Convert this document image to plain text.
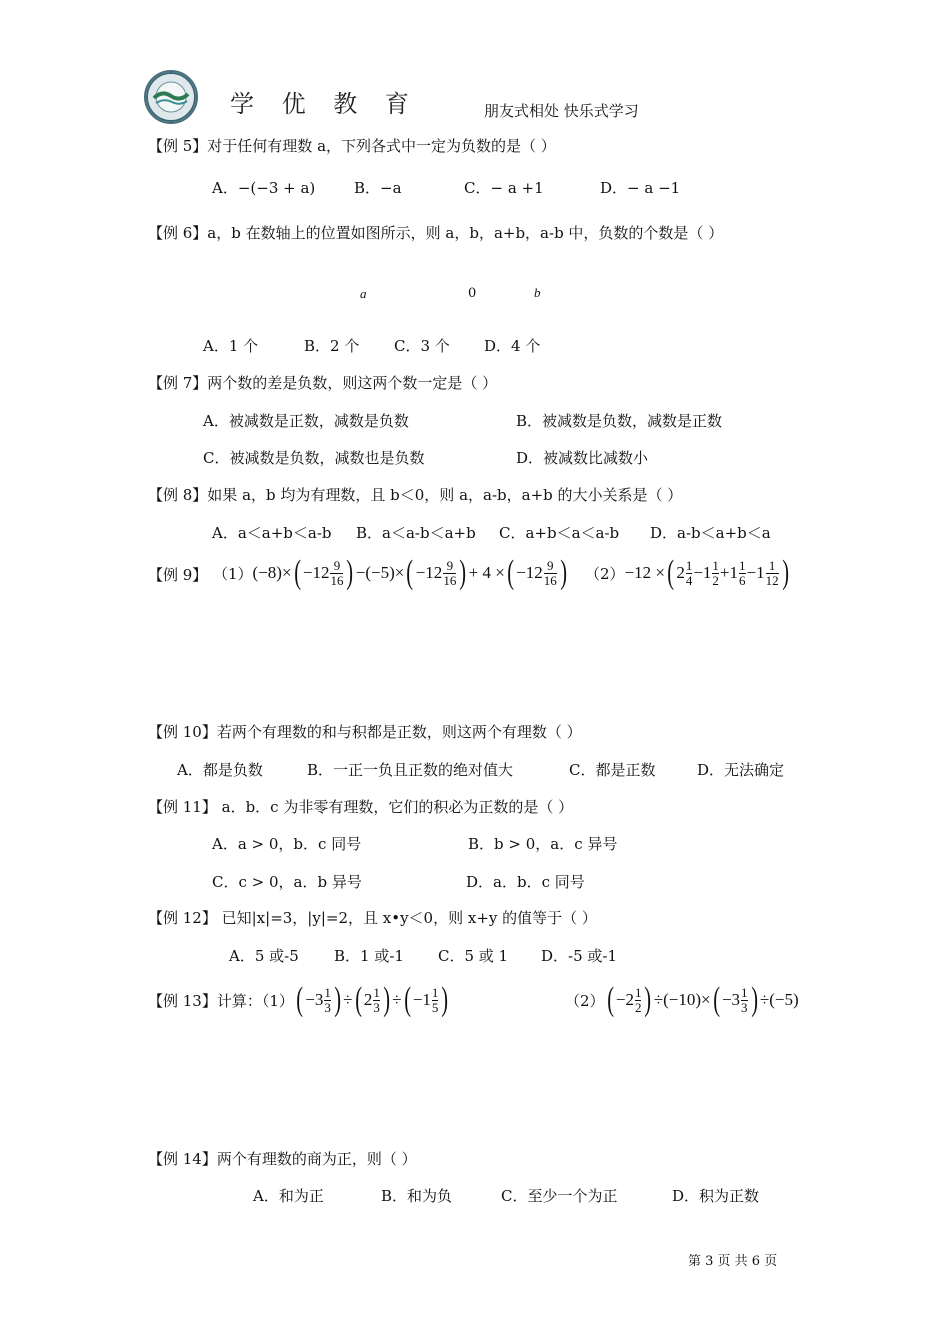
学 优 教 育	朋友式相处 快乐式学习
【例 5】对于任何有理数 a，下列各式中一定为负数的是（ ）
A．−(−3 + a)	B．−a	C．− a +1	D．− a −1
【例 6】a，b 在数轴上的位置如图所示，则 a，b，a+b，a-b 中，负数的个数是（ ）
a	0	b
A．1 个	B．2 个 C．3 个 D．4 个
【例 7】两个数的差是负数，则这两个数一定是（ ）
A．被减数是正数，减数是负数	B．被减数是负数，减数是正数
C．被减数是负数，减数也是负数	D．被减数比减数小
【例 8】如果 a，b 均为有理数，且 b＜0，则 a，a-b，a+b 的大小关系是（ ）
A．a＜a+b＜a-b B．a＜a-b＜a+b C．a+b＜a＜a-b D．a-b＜a+b＜a
【例 9】 （1） (−8)× ( $-12 \frac{9}{16}$ ) −(−5)× ( $-12 \frac{9}{16}$ ) + 4 × ( $-12 \frac{9}{16}$ ) （2） −12 × ( $2 \frac{1}{4} -1 \frac{1}{2} +1 \frac{1}{6} -1 \frac{1}{12}$ )
【例 10】若两个有理数的和与积都是正数，则这两个有理数（ ）
A．都是负数	B．一正一负且正数的绝对值大	C．都是正数	D．无法确定
【例 11】 a．b．c 为非零有理数，它们的积必为正数的是（ ）
A．a > 0，b．c 同号	B．b > 0，a．c 异号
C．c > 0，a．b 异号	D．a．b．c 同号
【例 12】 已知|x|=3，|y|=2，且 x•y＜0，则 x+y 的值等于（ ）
A．5 或-5 B．1 或-1 C．5 或 1 D．-5 或-1
【例 13】计算：（1） ( $-3 \frac{1}{3}$ ) ÷ ( $2 \frac{1}{3}$ ) ÷ ( $-1 \frac{1}{5}$ )	（2） ( $-2 \frac{1}{2}$ ) ÷(−10)× ( $-3 \frac{1}{3}$ ) ÷(−5)
【例 14】两个有理数的商为正，则（ ）
A．和为正	B．和为负	C．至少一个为正	D．积为正数
第 3 页 共 6 页
